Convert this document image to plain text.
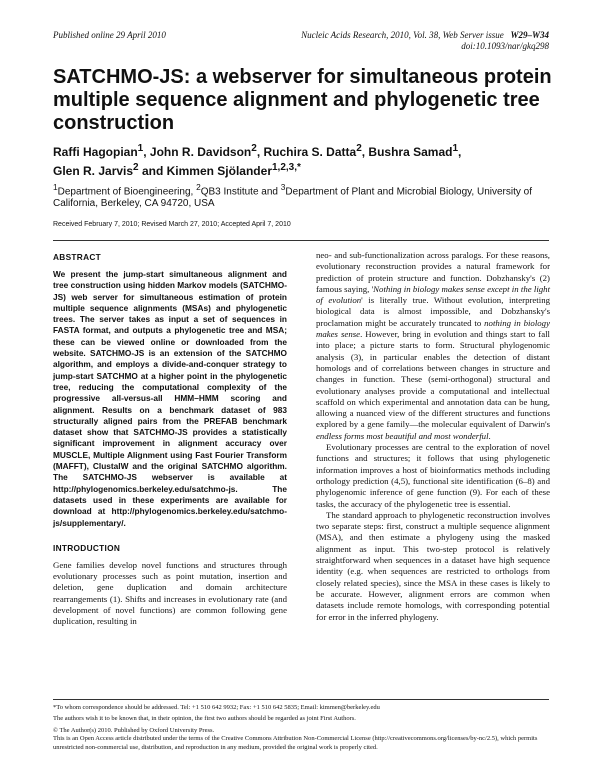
Published online 29 April 2010	Nucleic Acids Research, 2010, Vol. 38, Web Server issue W29–W34
doi:10.1093/nar/gkq298
SATCHMO-JS: a webserver for simultaneous protein multiple sequence alignment and phylogenetic tree construction
Raffi Hagopian$^1$, John R. Davidson$^2$, Ruchira S. Datta$^2$, Bushra Samad$^1$,
Glen R. Jarvis$^2$ and Kimmen Sjölander$^{1,2,3,*}$
$^1$Department of Bioengineering, $^2$QB3 Institute and $^3$Department of Plant and Microbial Biology, University of California, Berkeley, CA 94720, USA
Received February 7, 2010; Revised March 27, 2010; Accepted April 7, 2010
ABSTRACT

We present the jump-start simultaneous alignment and tree construction using hidden Markov models (SATCHMO-JS) web server for simultaneous estimation of protein multiple sequence alignments (MSAs) and phylogenetic trees. The server takes as input a set of sequences in FASTA format, and outputs a phylogenetic tree and MSA; these can be viewed online or downloaded from the website. SATCHMO-JS is an extension of the SATCHMO algorithm, and employs a divide-and-conquer strategy to jump-start SATCHMO at a higher point in the phylogenetic tree, reducing the computational complexity of the progressive all-versus-all HMM–HMM scoring and alignment. Results on a benchmark dataset of 983 structurally aligned pairs from the PREFAB benchmark dataset show that SATCHMO-JS provides a statistically significant improvement in alignment accuracy over MUSCLE, Multiple Alignment using Fast Fourier Transform (MAFFT), ClustalW and the original SATCHMO algorithm. The SATCHMO-JS webserver is available at http://phylogenomics.berkeley.edu/satchmo-js. The datasets used in these experiments are available for download at http://phylogenomics.berkeley.edu/satchmo-js/supplementary/.

INTRODUCTION

Gene families develop novel functions and structures through evolutionary processes such as point mutation, insertion and deletion, gene duplication and domain architecture rearrangements (1). Shifts and increases in evolutionary rate (and development of novel functions) are common following gene duplication, resulting in

neo- and sub-functionalization across paralogs. For these reasons, evolutionary reconstruction provides a natural framework for prediction of protein structure and function. Dobzhansky's (2) famous saying, 'Nothing in biology makes sense except in the light of evolution' is literally true. Without evolution, interpreting biological data is almost impossible, and Dobzhansky's proclamation might be accurately truncated to nothing in biology makes sense. However, bring in evolution and things start to fall into place; a picture starts to form. Structural phylogenomic analysis (3), in particular enables the detection of distant homologs and of correlations between changes in structure and changes in function. These (semi-orthogonal) structural and evolutionary analyses provide a computational and intellectual scaffold on which experimental and annotation data can be hung, allowing a nuanced view of the different structures and functions explored by a gene family—the molecular equivalent of Darwin's endless forms most beautiful and most wonderful.

Evolutionary processes are central to the exploration of novel functions and structures; it follows that using phylogenetic information improves a host of bioinformatics methods including orthology prediction (4,5), functional site identification (6–8) and phylogenomic inference of gene function (9). For each of these tasks, the accuracy of the phylogenetic tree is essential.

The standard approach to phylogenetic reconstruction involves two separate steps: first, construct a multiple sequence alignment (MSA), and then estimate a phylogeny using the masked alignment as input. This two-step protocol is relatively straightforward when sequences in a dataset have high sequence identity (e.g. when sequences are restricted to orthologs from closely related species), since the MSA in these cases is likely to be accurate. However, alignment errors are common when datasets include remote homologs, with corresponding potential for error in the inferred phylogeny.

*To whom correspondence should be addressed. Tel: +1 510 642 9932; Fax: +1 510 642 5835; Email: kimmen@berkeley.edu

The authors wish it to be known that, in their opinion, the first two authors should be regarded as joint First Authors.

© The Author(s) 2010. Published by Oxford University Press.

This is an Open Access article distributed under the terms of the Creative Commons Attribution Non-Commercial License (http://creativecommons.org/licenses/by-nc/2.5), which permits unrestricted non-commercial use, distribution, and reproduction in any medium, provided the original work is properly cited.
